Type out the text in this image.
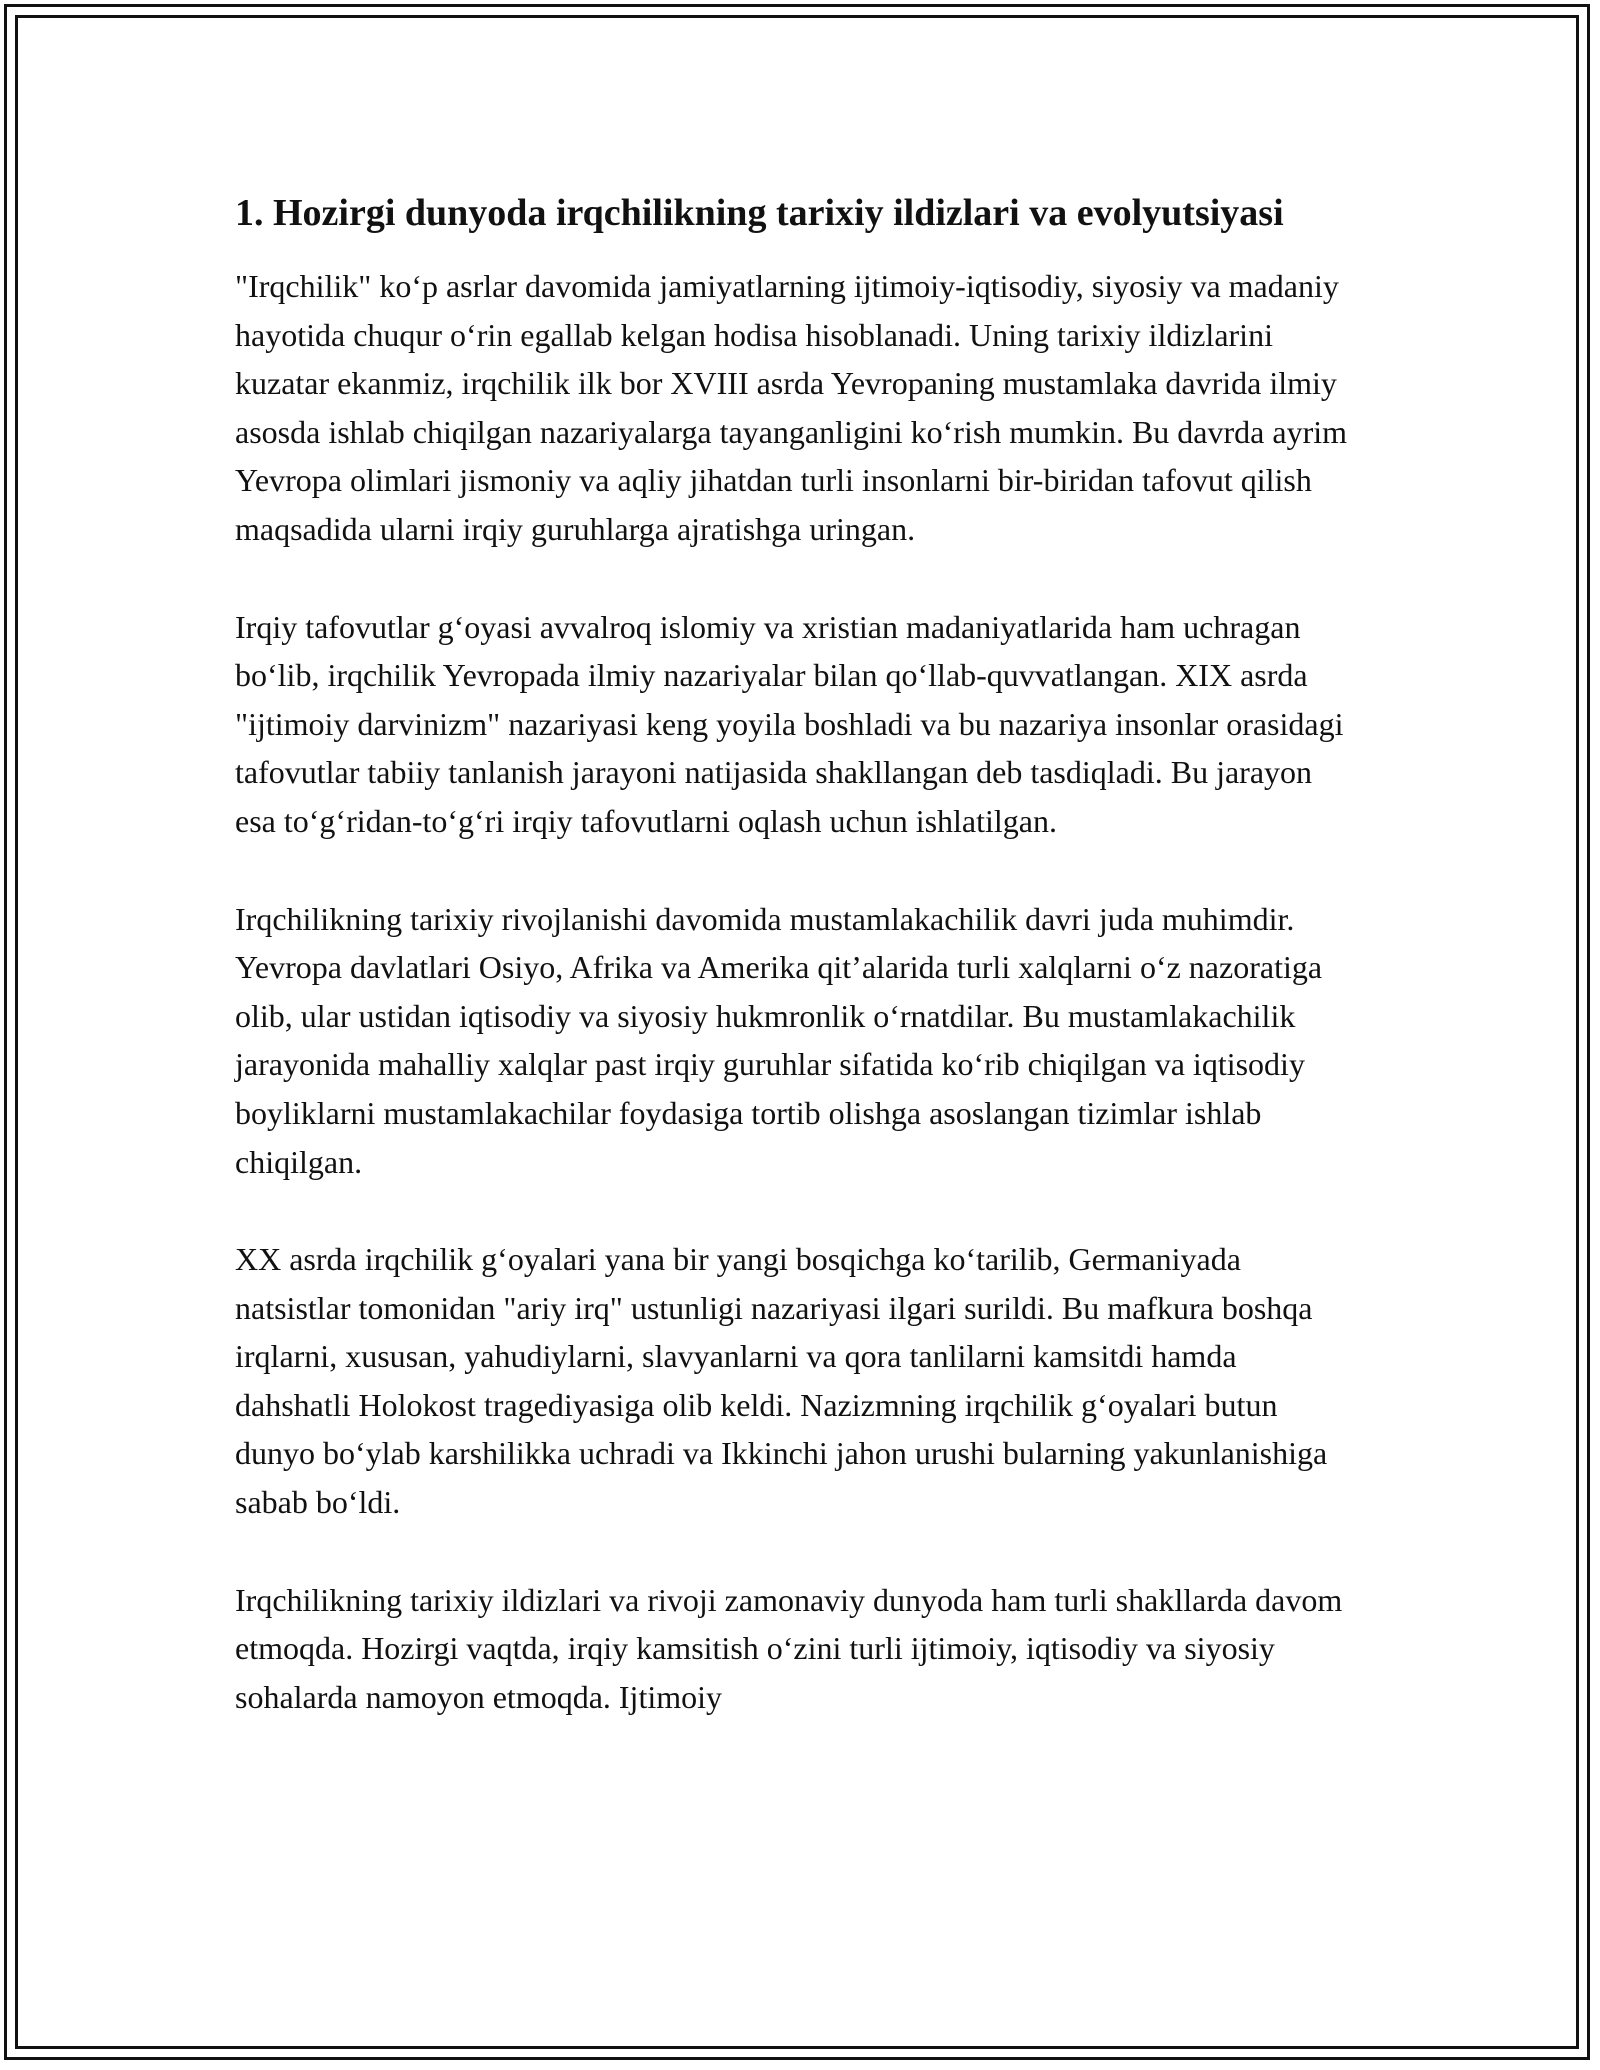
1. Hozirgi dunyoda irqchilikning tarixiy ildizlari va evolyutsiyasi

"Irqchilik" ko‘p asrlar davomida jamiyatlarning ijtimoiy-iqtisodiy, siyosiy va madaniy hayotida chuqur o‘rin egallab kelgan hodisa hisoblanadi. Uning tarixiy ildizlarini kuzatar ekanmiz, irqchilik ilk bor XVIII asrda Yevropaning mustamlaka davrida ilmiy asosda ishlab chiqilgan nazariyalarga tayanganligini ko‘rish mumkin. Bu davrda ayrim Yevropa olimlari jismoniy va aqliy jihatdan turli insonlarni bir-biridan tafovut qilish maqsadida ularni irqiy guruhlarga ajratishga uringan.

Irqiy tafovutlar g‘oyasi avvalroq islomiy va xristian madaniyatlarida ham uchragan bo‘lib, irqchilik Yevropada ilmiy nazariyalar bilan qo‘llab-quvvatlangan. XIX asrda "ijtimoiy darvinizm" nazariyasi keng yoyila boshladi va bu nazariya insonlar orasidagi tafovutlar tabiiy tanlanish jarayoni natijasida shakllangan deb tasdiqladi. Bu jarayon esa to‘g‘ridan-to‘g‘ri irqiy tafovutlarni oqlash uchun ishlatilgan.

Irqchilikning tarixiy rivojlanishi davomida mustamlakachilik davri juda muhimdir. Yevropa davlatlari Osiyo, Afrika va Amerika qit’alarida turli xalqlarni o‘z nazoratiga olib, ular ustidan iqtisodiy va siyosiy hukmronlik o‘rnatdilar. Bu mustamlakachilik jarayonida mahalliy xalqlar past irqiy guruhlar sifatida ko‘rib chiqilgan va iqtisodiy boyliklarni mustamlakachilar foydasiga tortib olishga asoslangan tizimlar ishlab chiqilgan.

XX asrda irqchilik g‘oyalari yana bir yangi bosqichga ko‘tarilib, Germaniyada natsistlar tomonidan "ariy irq" ustunligi nazariyasi ilgari surildi. Bu mafkura boshqa irqlarni, xususan, yahudiylarni, slavyanlarni va qora tanlilarni kamsitdi hamda dahshatli Holokost tragediyasiga olib keldi. Nazizmning irqchilik g‘oyalari butun dunyo bo‘ylab karshilikka uchradi va Ikkinchi jahon urushi bularning yakunlanishiga sabab bo‘ldi.

Irqchilikning tarixiy ildizlari va rivoji zamonaviy dunyoda ham turli shakllarda davom etmoqda. Hozirgi vaqtda, irqiy kamsitish o‘zini turli ijtimoiy, iqtisodiy va siyosiy sohalarda namoyon etmoqda. Ijtimoiy
